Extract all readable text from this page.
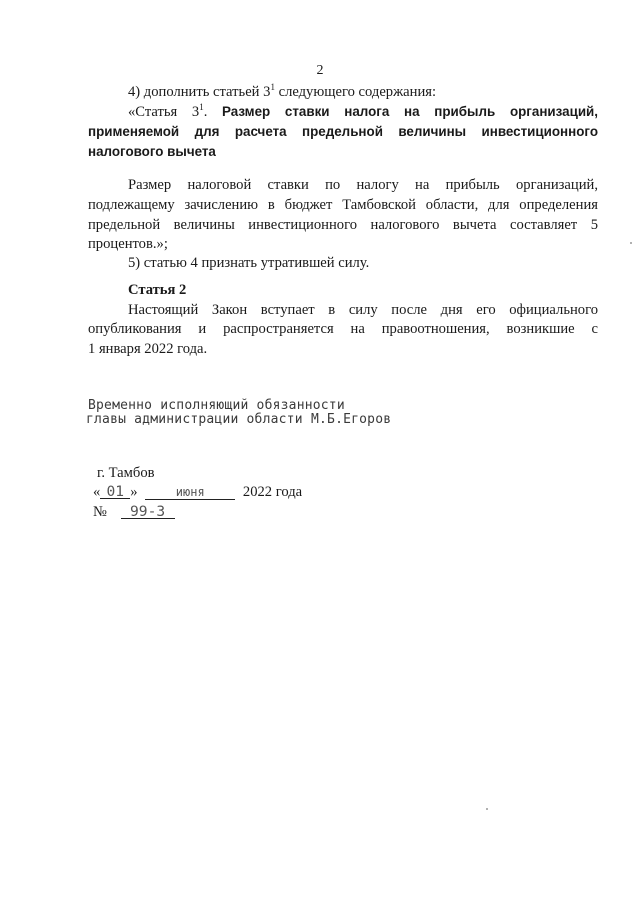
2
4) дополнить статьей $3^1$ следующего содержания:
«Статья $3^1$. Размер ставки налога на прибыль организаций,
применяемой для расчета предельной величины инвестиционного
налогового вычета
Размер налоговой ставки по налогу на прибыль организаций,
подлежащему зачислению в бюджет Тамбовской области, для определения
предельной величины инвестиционного налогового вычета составляет 5
процентов.»;
5) статью 4 признать утратившей силу.
Статья 2
Настоящий Закон вступает в силу после дня его официального
опубликования и распространяется на правоотношения, возникшие с
1 января 2022 года.
Временно исполняющий обязанности
главы администрации области М.Б.Егоров
г. Тамбов
« 01 »	июня	2022 года
№ 99-З
